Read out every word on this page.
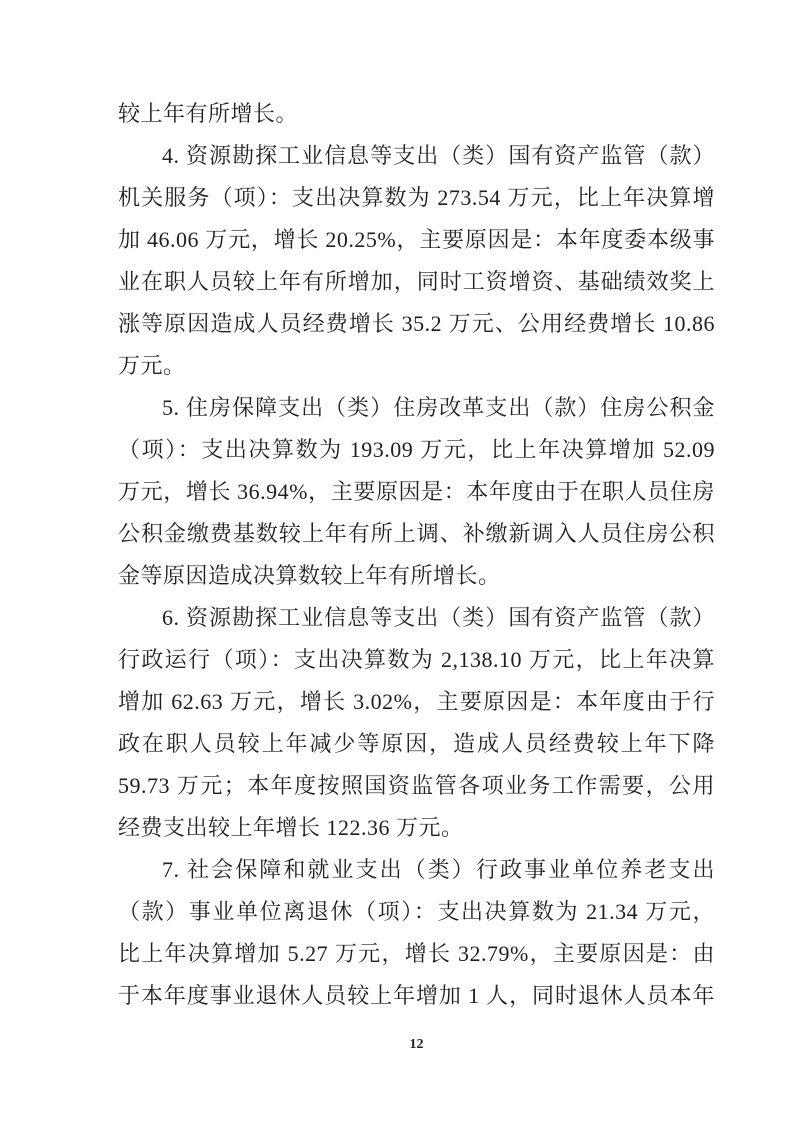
较上年有所增长。
4. 资源勘探工业信息等支出（类）国有资产监管（款）
机关服务（项）：支出决算数为 273.54 万元，比上年决算增
加 46.06 万元，增长 20.25%，主要原因是：本年度委本级事
业在职人员较上年有所增加，同时工资增资、基础绩效奖上
涨等原因造成人员经费增长 35.2 万元、公用经费增长 10.86
万元。
5. 住房保障支出（类）住房改革支出（款）住房公积金
（项）：支出决算数为 193.09 万元，比上年决算增加 52.09
万元，增长 36.94%，主要原因是：本年度由于在职人员住房
公积金缴费基数较上年有所上调、补缴新调入人员住房公积
金等原因造成决算数较上年有所增长。
6. 资源勘探工业信息等支出（类）国有资产监管（款）
行政运行（项）：支出决算数为 2,138.10 万元，比上年决算
增加 62.63 万元，增长 3.02%，主要原因是：本年度由于行
政在职人员较上年减少等原因，造成人员经费较上年下降
59.73 万元；本年度按照国资监管各项业务工作需要，公用
经费支出较上年增长 122.36 万元。
7. 社会保障和就业支出（类）行政事业单位养老支出
（款）事业单位离退休（项）：支出决算数为 21.34 万元，
比上年决算增加 5.27 万元，增长 32.79%，主要原因是：由
于本年度事业退休人员较上年增加 1 人，同时退休人员本年
12
